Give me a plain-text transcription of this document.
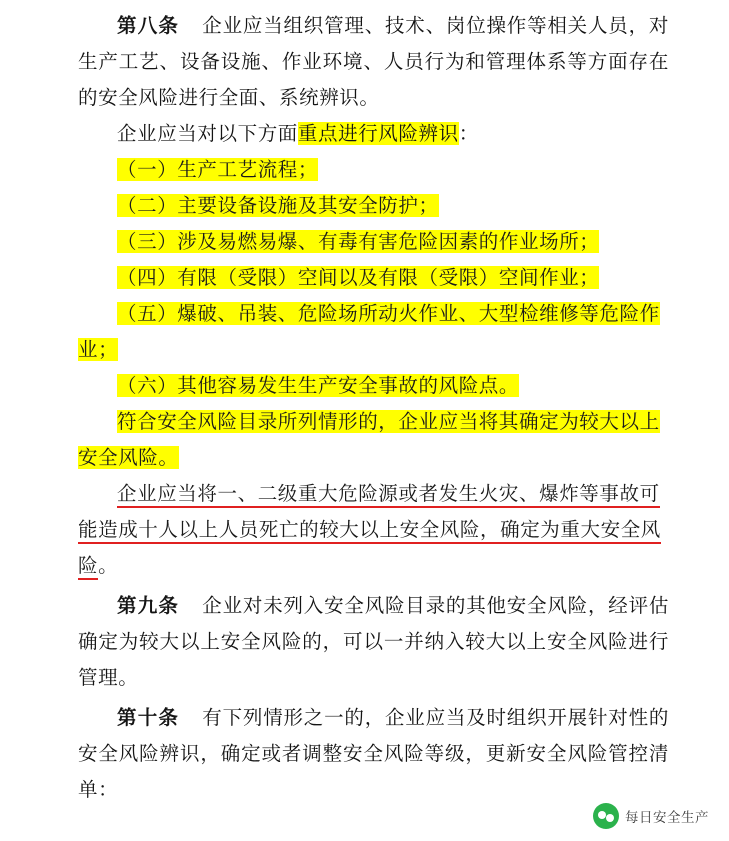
第八条 企业应当组织管理、技术、岗位操作等相关人员，对生产工艺、设备设施、作业环境、人员行为和管理体系等方面存在的安全风险进行全面、系统辨识。

企业应当对以下方面重点进行风险辨识：

（一）生产工艺流程；

（二）主要设备设施及其安全防护；

（三）涉及易燃易爆、有毒有害危险因素的作业场所；

（四）有限（受限）空间以及有限（受限）空间作业；

（五）爆破、吊装、危险场所动火作业、大型检维修等危险作业；

（六）其他容易发生生产安全事故的风险点。

符合安全风险目录所列情形的，企业应当将其确定为较大以上安全风险。

企业应当将一、二级重大危险源或者发生火灾、爆炸等事故可能造成十人以上人员死亡的较大以上安全风险，确定为重大安全风险。

第九条 企业对未列入安全风险目录的其他安全风险，经评估确定为较大以上安全风险的，可以一并纳入较大以上安全风险进行管理。

第十条 有下列情形之一的，企业应当及时组织开展针对性的安全风险辨识，确定或者调整安全风险等级，更新安全风险管控清单：

每日安全生产
